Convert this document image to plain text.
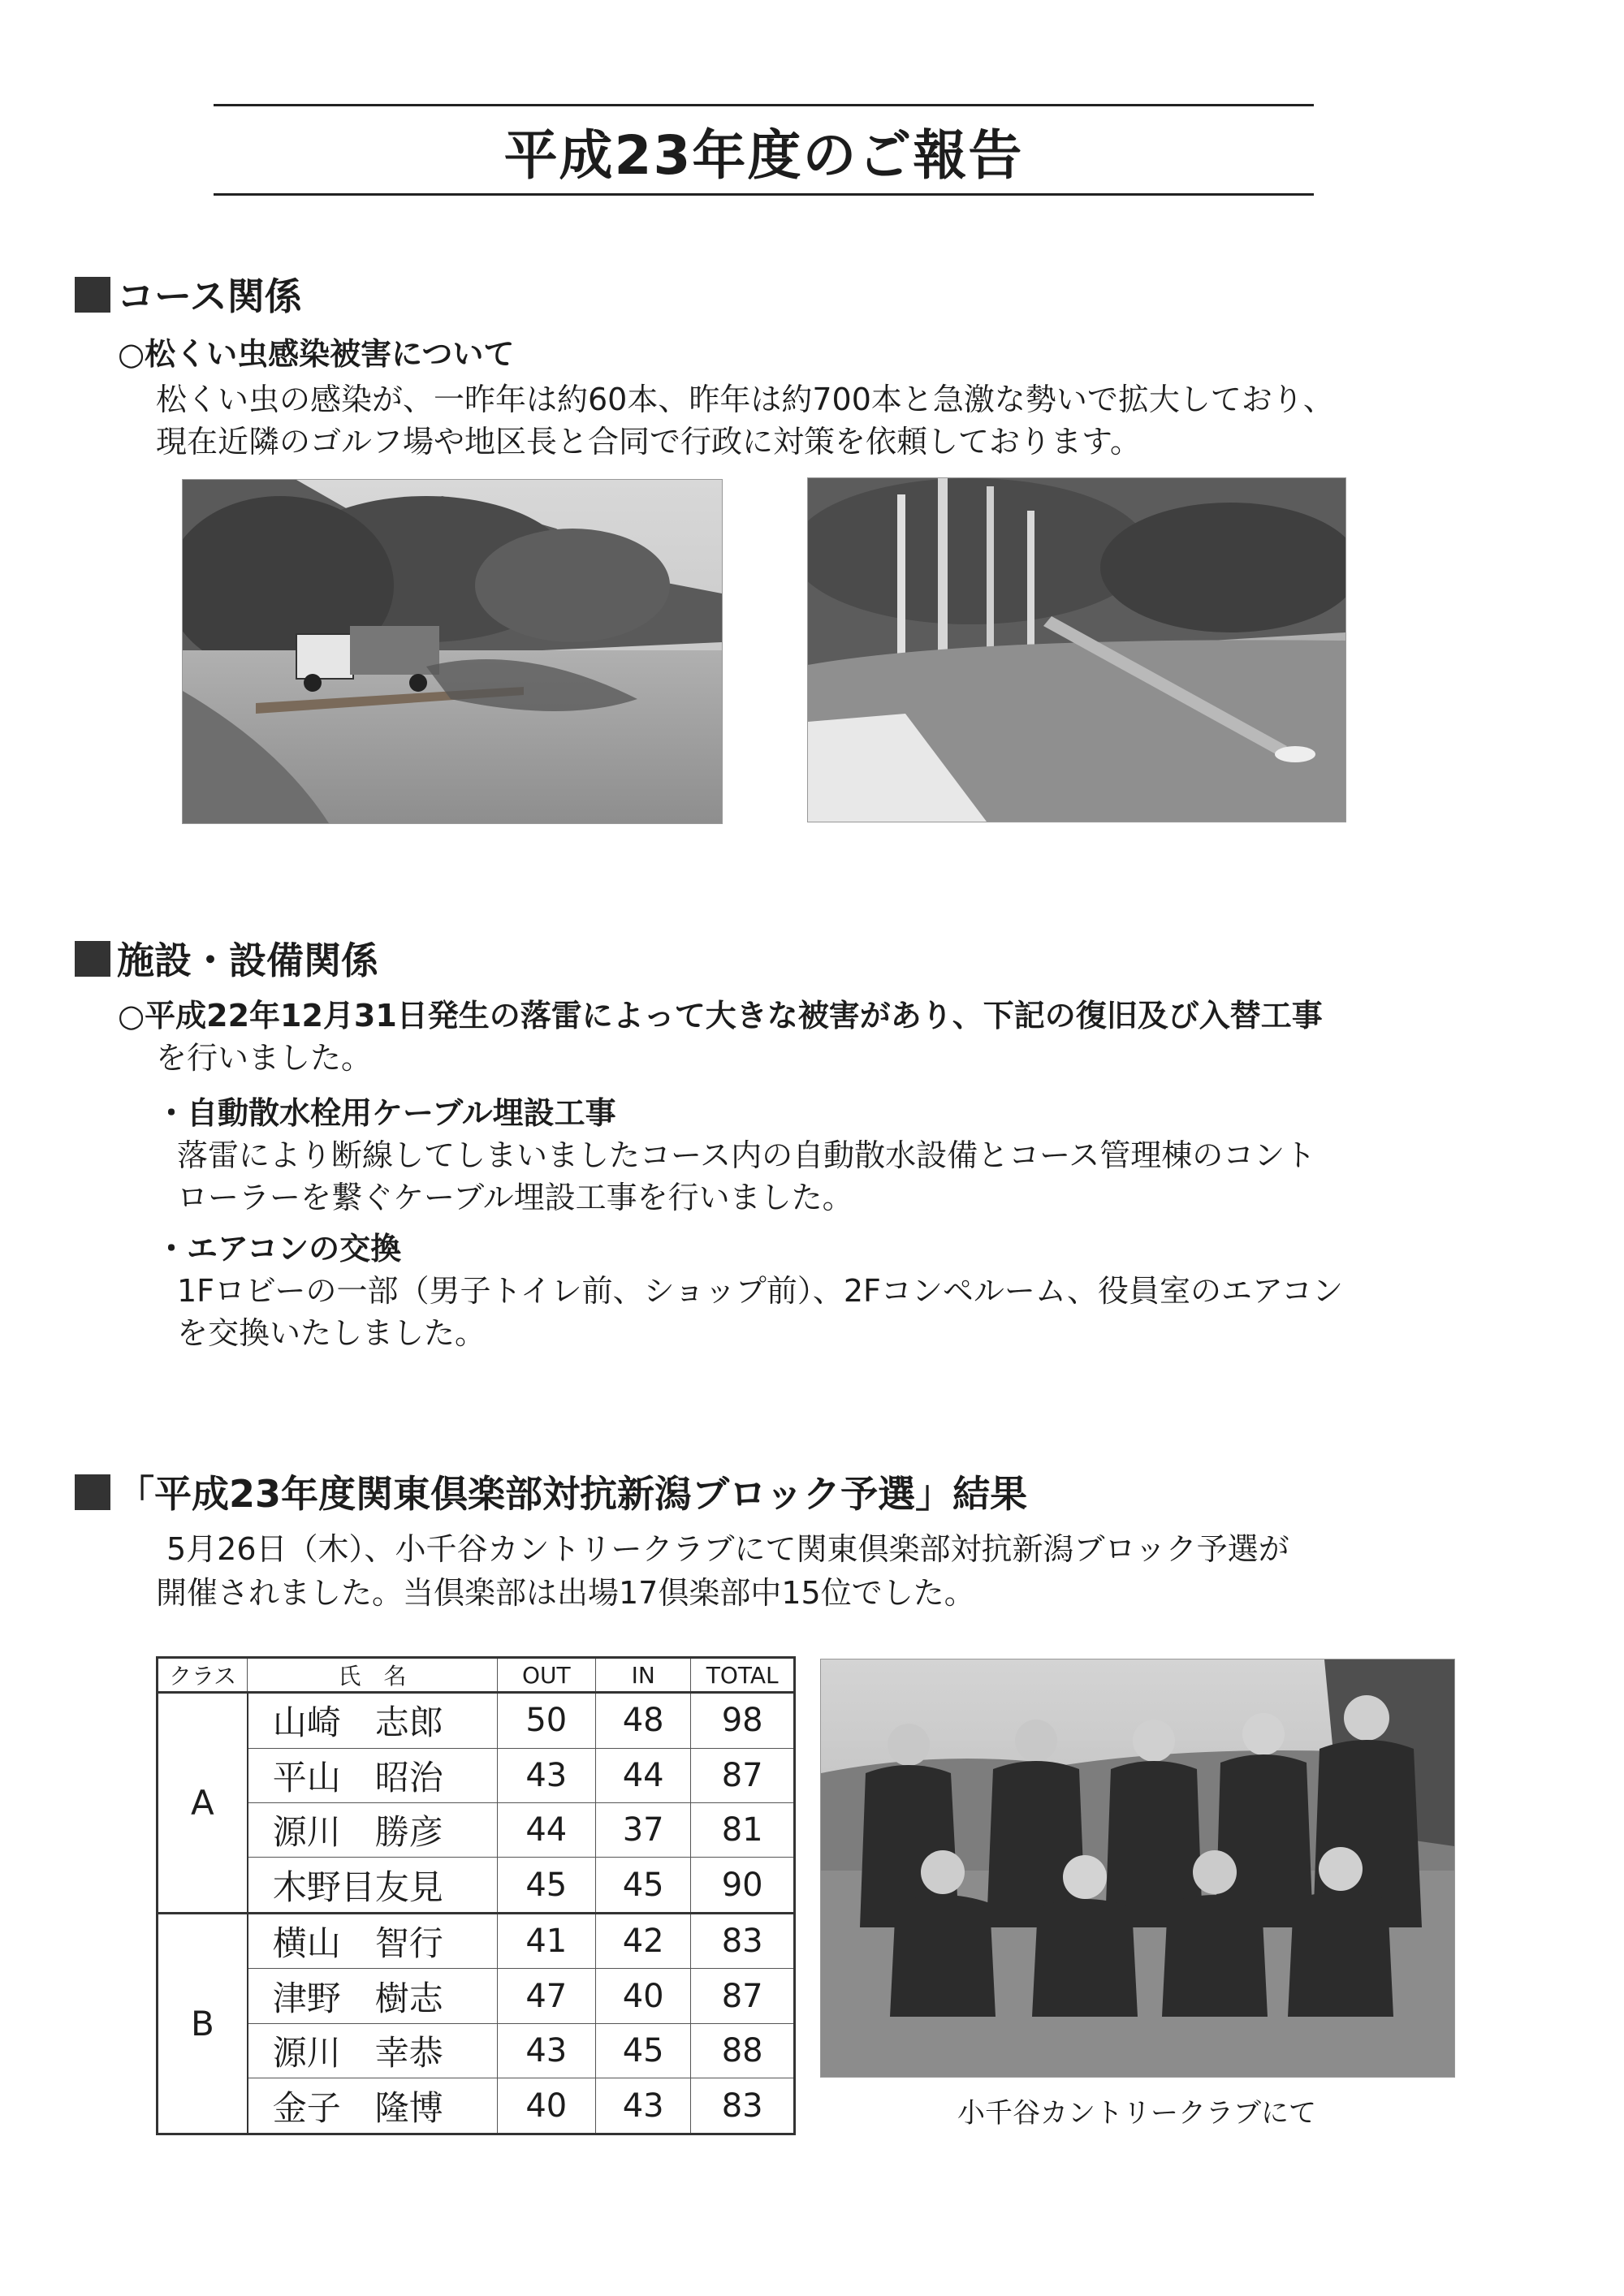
平成23年度のご報告
コース関係
○松くい虫感染被害について
松くい虫の感染が、一昨年は約60本、昨年は約700本と急激な勢いで拡大しており、
現在近隣のゴルフ場や地区長と合同で行政に対策を依頼しております。
施設・設備関係
○平成22年12月31日発生の落雷によって大きな被害があり、下記の復旧及び入替工事
を行いました。
・自動散水栓用ケーブル埋設工事
落雷により断線してしまいましたコース内の自動散水設備とコース管理棟のコント
ローラーを繋ぐケーブル埋設工事を行いました。
・エアコンの交換
1Fロビーの一部（男子トイレ前、ショップ前）、2Fコンペルーム、役員室のエアコン
を交換いたしました。
「平成23年度関東倶楽部対抗新潟ブロック予選」結果
5月26日（木）、小千谷カントリークラブにて関東倶楽部対抗新潟ブロック予選が
開催されました。当倶楽部は出場17倶楽部中15位でした。
クラス	氏　名	OUT	IN	TOTAL
A	山崎　志郎	50	48	98
	平山　昭治	43	44	87
	源川　勝彦	44	37	81
	木野目友見	45	45	90
B	横山　智行	41	42	83
	津野　樹志	47	40	87
	源川　幸恭	43	45	88
	金子　隆博	40	43	83	小千谷カントリークラブにて
